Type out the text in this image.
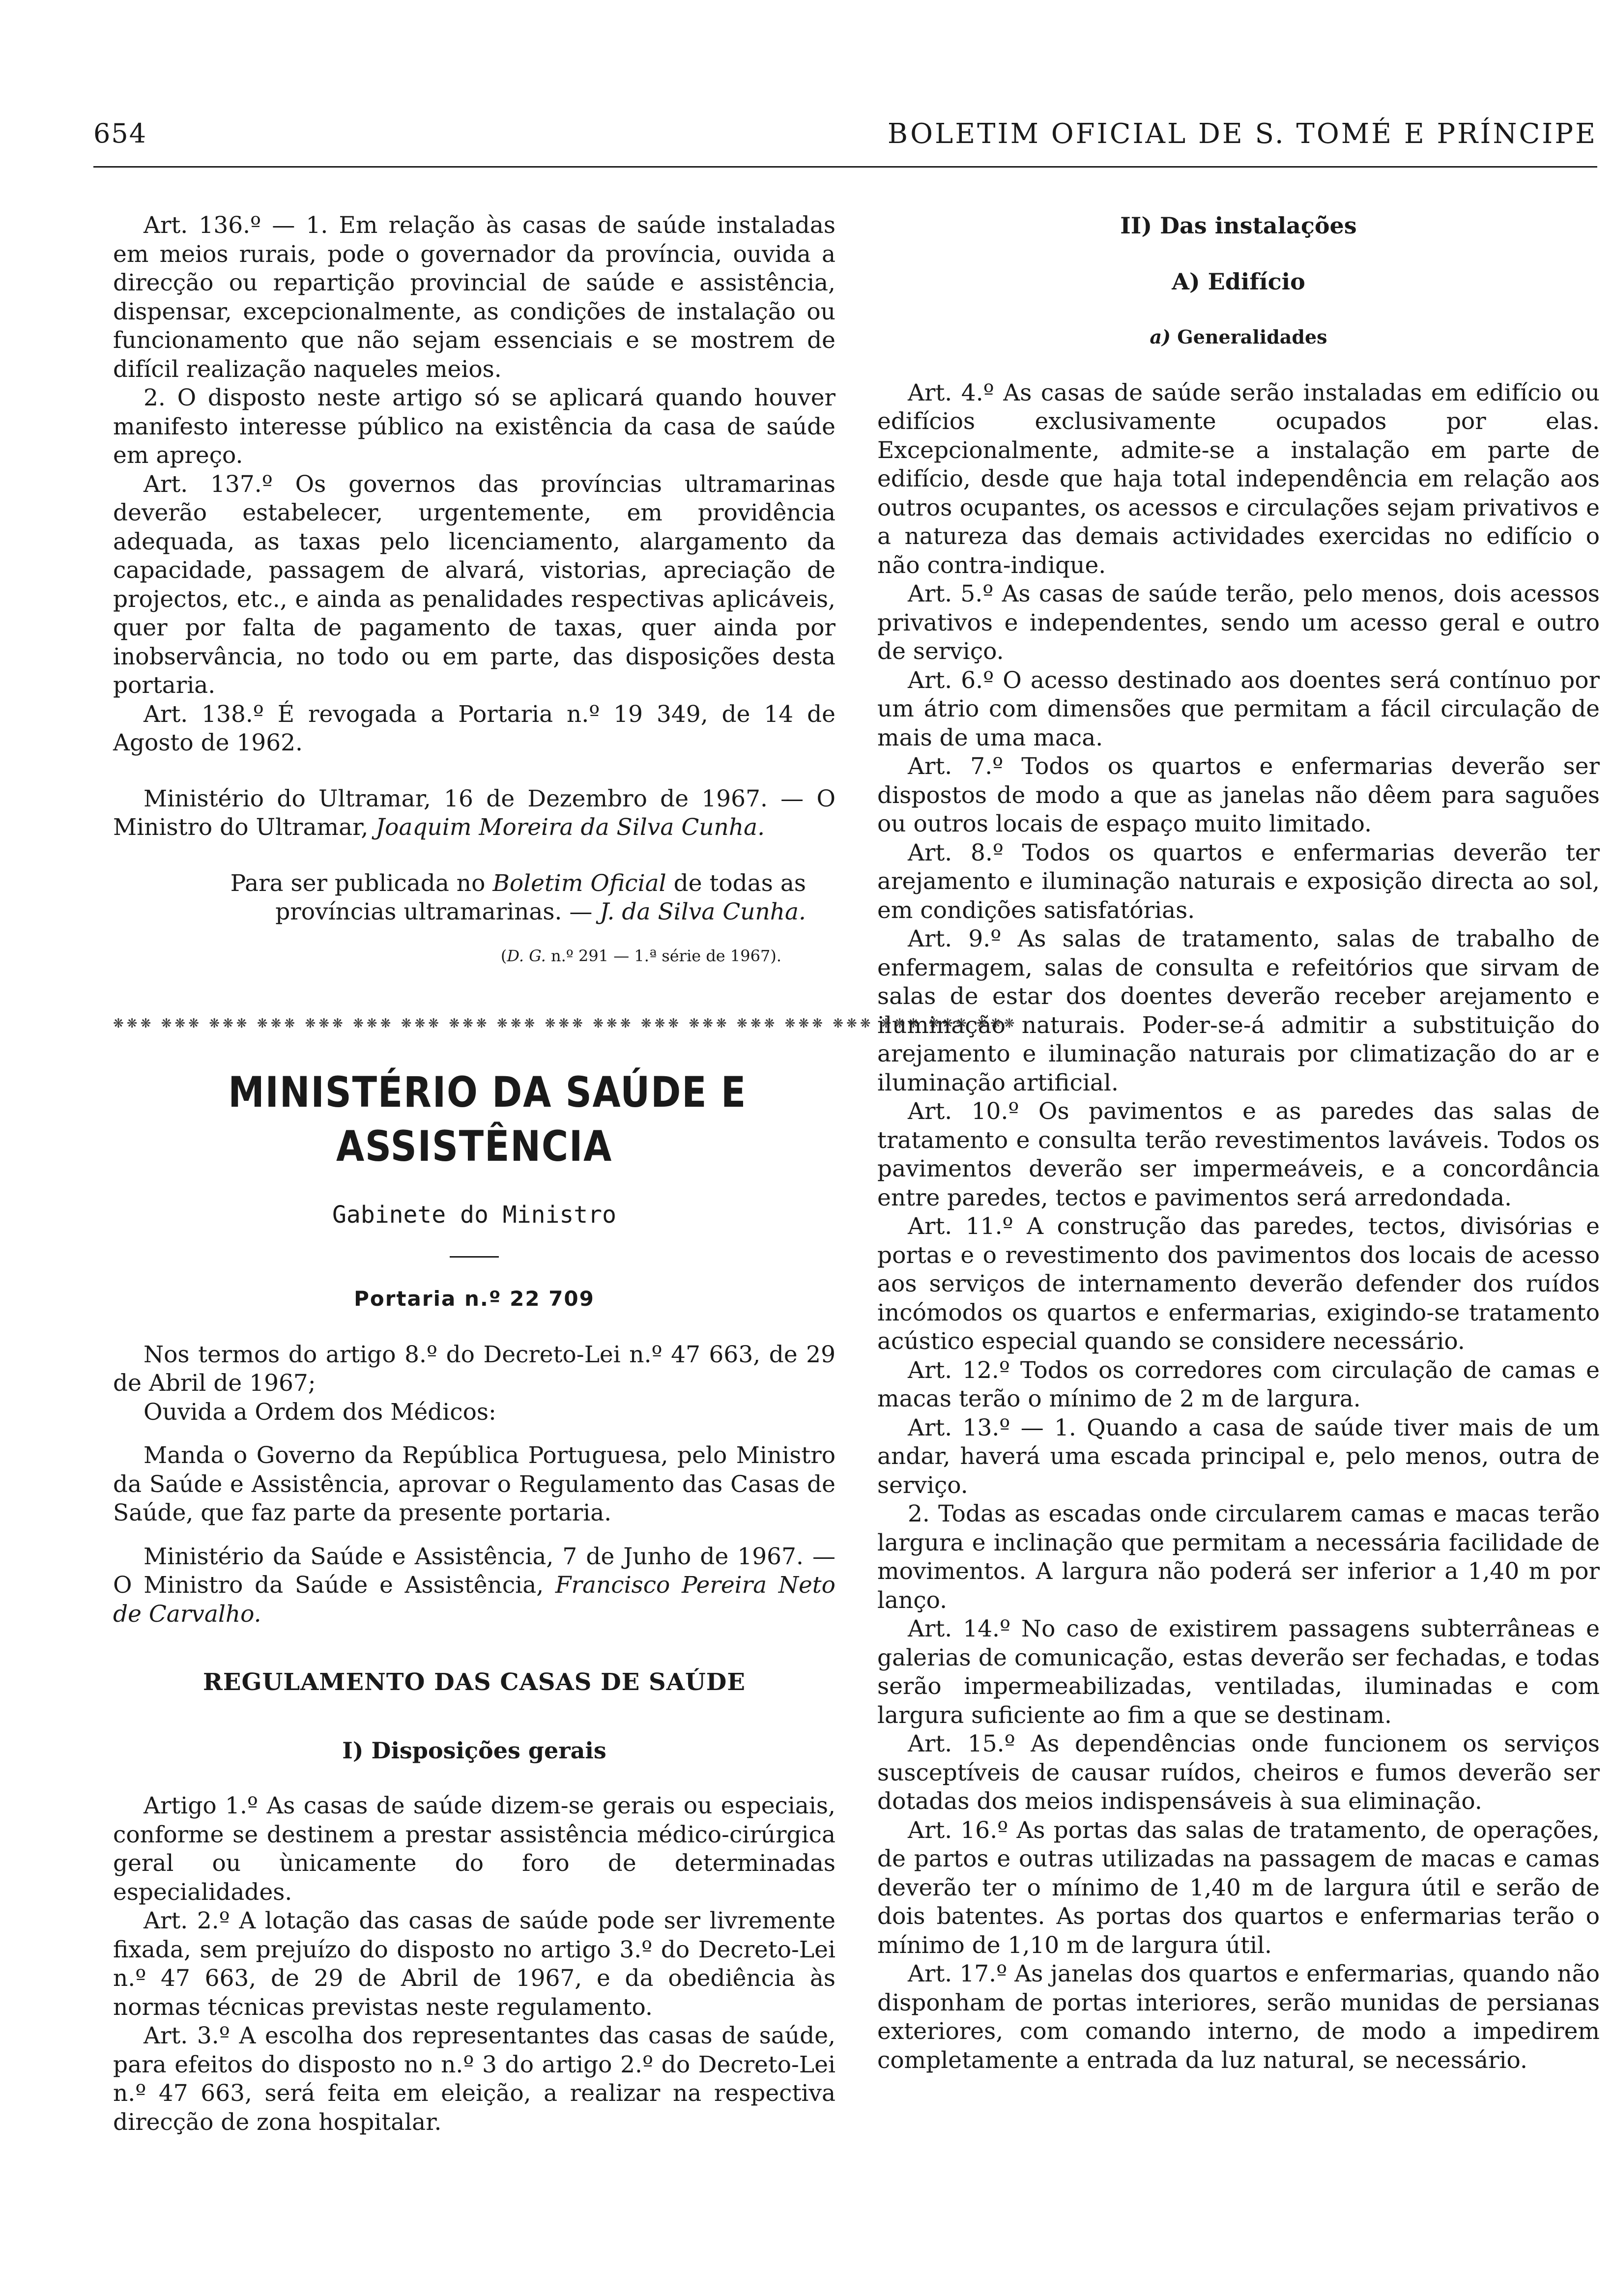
654	BOLETIM OFICIAL DE S. TOMÉ E PRÍNCIPE

Art. 136.º — 1. Em relação às casas de saúde instaladas em meios rurais, pode o governador da província, ouvida a direcção ou repartição provincial de saúde e assistência, dispensar, excepcionalmente, as condições de instalação ou funcionamento que não sejam essenciais e se mostrem de difícil realização naqueles meios.

2. O disposto neste artigo só se aplicará quando houver manifesto interesse público na existência da casa de saúde em apreço.

Art. 137.º Os governos das províncias ultramarinas deverão estabelecer, urgentemente, em providência adequada, as taxas pelo licenciamento, alargamento da capacidade, passagem de alvará, vistorias, apreciação de projectos, etc., e ainda as penalidades respectivas aplicáveis, quer por falta de pagamento de taxas, quer ainda por inobservância, no todo ou em parte, das disposições desta portaria.

Art. 138.º É revogada a Portaria n.º 19 349, de 14 de Agosto de 1962.

Ministério do Ultramar, 16 de Dezembro de 1967. — O Ministro do Ultramar, Joaquim Moreira da Silva Cunha.

Para ser publicada no Boletim Oficial de todas as províncias ultramarinas. — J. da Silva Cunha.

(D. G. n.º 291 — 1.ª série de 1967).

❋❋❋ ❋❋❋ ❋❋❋ ❋❋❋ ❋❋❋ ❋❋❋ ❋❋❋ ❋❋❋ ❋❋❋ ❋❋❋ ❋❋❋ ❋❋❋ ❋❋❋ ❋❋❋ ❋❋❋ ❋❋❋ ❋❋❋ ❋❋❋ ❋❋❋

MINISTÉRIO DA SAÚDE E ASSISTÊNCIA

Gabinete do Ministro
Portaria n.º 22 709

Nos termos do artigo 8.º do Decreto-Lei n.º 47 663, de 29 de Abril de 1967;

Ouvida a Ordem dos Médicos:

Manda o Governo da República Portuguesa, pelo Ministro da Saúde e Assistência, aprovar o Regulamento das Casas de Saúde, que faz parte da presente portaria.

Ministério da Saúde e Assistência, 7 de Junho de 1967. — O Ministro da Saúde e Assistência, Francisco Pereira Neto de Carvalho.

REGULAMENTO DAS CASAS DE SAÚDE
I) Disposições gerais

Artigo 1.º As casas de saúde dizem-se gerais ou especiais, conforme se destinem a prestar assistência médico-cirúrgica geral ou ùnicamente do foro de determinadas especialidades.

Art. 2.º A lotação das casas de saúde pode ser livremente fixada, sem prejuízo do disposto no artigo 3.º do Decreto-Lei n.º 47 663, de 29 de Abril de 1967, e da obediência às normas técnicas previstas neste regulamento.

Art. 3.º A escolha dos representantes das casas de saúde, para efeitos do disposto no n.º 3 do artigo 2.º do Decreto-Lei n.º 47 663, será feita em eleição, a realizar na respectiva direcção de zona hospitalar.

II) Das instalações
A) Edifício
a) Generalidades

Art. 4.º As casas de saúde serão instaladas em edifício ou edifícios exclusivamente ocupados por elas. Excepcionalmente, admite-se a instalação em parte de edifício, desde que haja total independência em relação aos outros ocupantes, os acessos e circulações sejam privativos e a natureza das demais actividades exercidas no edifício o não contra-indique.

Art. 5.º As casas de saúde terão, pelo menos, dois acessos privativos e independentes, sendo um acesso geral e outro de serviço.

Art. 6.º O acesso destinado aos doentes será contínuo por um átrio com dimensões que permitam a fácil circulação de mais de uma maca.

Art. 7.º Todos os quartos e enfermarias deverão ser dispostos de modo a que as janelas não dêem para saguões ou outros locais de espaço muito limitado.

Art. 8.º Todos os quartos e enfermarias deverão ter arejamento e iluminação naturais e exposição directa ao sol, em condições satisfatórias.

Art. 9.º As salas de tratamento, salas de trabalho de enfermagem, salas de consulta e refeitórios que sirvam de salas de estar dos doentes deverão receber arejamento e iluminação naturais. Poder-se-á admitir a substituição do arejamento e iluminação naturais por climatização do ar e iluminação artificial.

Art. 10.º Os pavimentos e as paredes das salas de tratamento e consulta terão revestimentos laváveis. Todos os pavimentos deverão ser impermeáveis, e a concordância entre paredes, tectos e pavimentos será arredondada.

Art. 11.º A construção das paredes, tectos, divisórias e portas e o revestimento dos pavimentos dos locais de acesso aos serviços de internamento deverão defender dos ruídos incómodos os quartos e enfermarias, exigindo-se tratamento acústico especial quando se considere necessário.

Art. 12.º Todos os corredores com circulação de camas e macas terão o mínimo de 2 m de largura.

Art. 13.º — 1. Quando a casa de saúde tiver mais de um andar, haverá uma escada principal e, pelo menos, outra de serviço.

2. Todas as escadas onde circularem camas e macas terão largura e inclinação que permitam a necessária facilidade de movimentos. A largura não poderá ser inferior a 1,40 m por lanço.

Art. 14.º No caso de existirem passagens subterrâneas e galerias de comunicação, estas deverão ser fechadas, e todas serão impermeabilizadas, ventiladas, iluminadas e com largura suficiente ao fim a que se destinam.

Art. 15.º As dependências onde funcionem os serviços susceptíveis de causar ruídos, cheiros e fumos deverão ser dotadas dos meios indispensáveis à sua eliminação.

Art. 16.º As portas das salas de tratamento, de operações, de partos e outras utilizadas na passagem de macas e camas deverão ter o mínimo de 1,40 m de largura útil e serão de dois batentes. As portas dos quartos e enfermarias terão o mínimo de 1,10 m de largura útil.

Art. 17.º As janelas dos quartos e enfermarias, quando não disponham de portas interiores, serão munidas de persianas exteriores, com comando interno, de modo a impedirem completamente a entrada da luz natural, se necessário.
